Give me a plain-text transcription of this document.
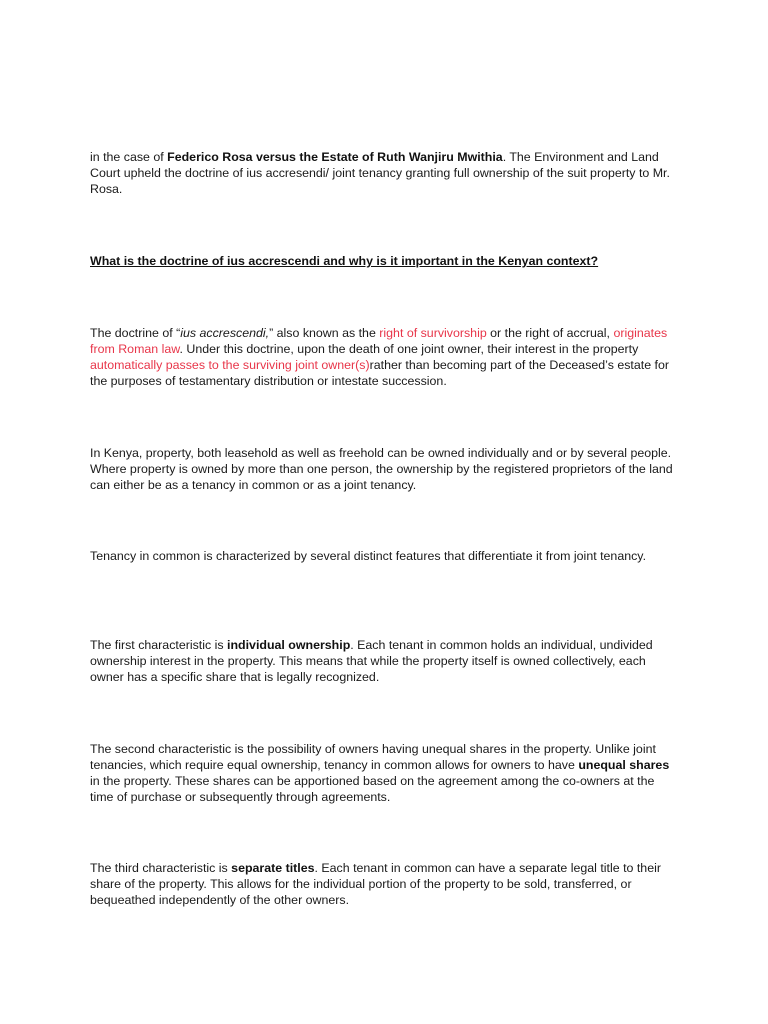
in the case of Federico Rosa versus the Estate of Ruth Wanjiru Mwithia. The Environment and Land Court upheld the doctrine of ius accresendi/ joint tenancy granting full ownership of the suit property to Mr. Rosa.

What is the doctrine of ius accrescendi and why is it important in the Kenyan context?

The doctrine of “ius accrescendi,” also known as the right of survivorship or the right of accrual, originates from Roman law. Under this doctrine, upon the death of one joint owner, their interest in the property automatically passes to the surviving joint owner(s)rather than becoming part of the Deceased’s estate for the purposes of testamentary distribution or intestate succession.

In Kenya, property, both leasehold as well as freehold can be owned individually and or by several people. Where property is owned by more than one person, the ownership by the registered proprietors of the land can either be as a tenancy in common or as a joint tenancy.

Tenancy in common is characterized by several distinct features that differentiate it from joint tenancy.

The first characteristic is individual ownership. Each tenant in common holds an individual, undivided ownership interest in the property. This means that while the property itself is owned collectively, each owner has a specific share that is legally recognized.

The second characteristic is the possibility of owners having unequal shares in the property. Unlike joint tenancies, which require equal ownership, tenancy in common allows for owners to have unequal shares in the property. These shares can be apportioned based on the agreement among the co-owners at the time of purchase or subsequently through agreements.

The third characteristic is separate titles. Each tenant in common can have a separate legal title to their share of the property. This allows for the individual portion of the property to be sold, transferred, or bequeathed independently of the other owners.
